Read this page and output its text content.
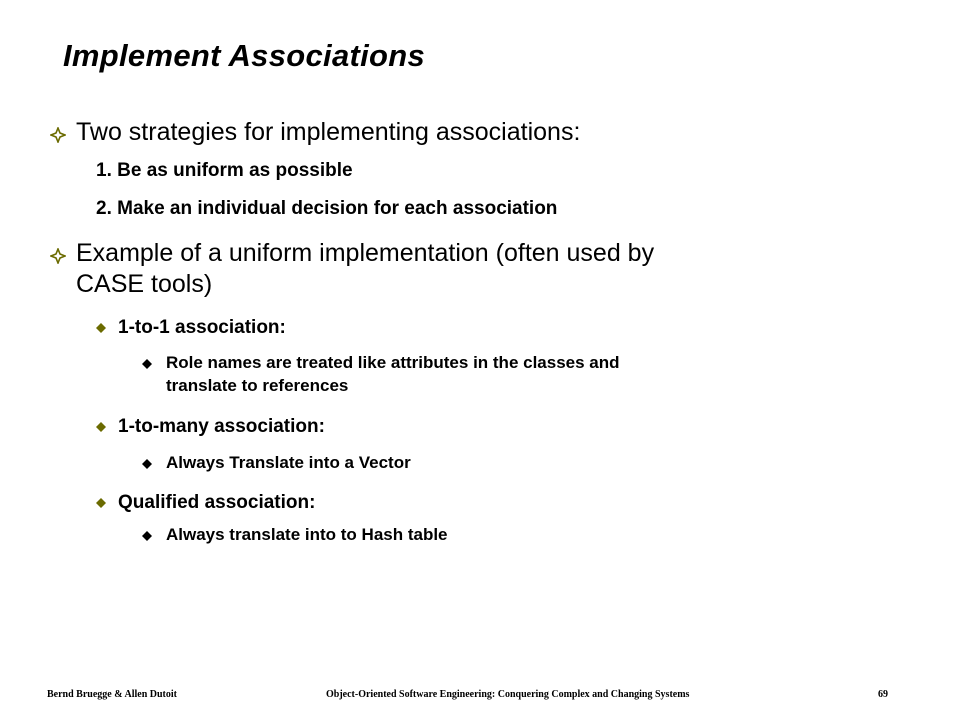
Implement Associations
Two strategies for implementing associations:
1. Be as uniform as possible
2. Make an individual decision for each association
Example of a uniform implementation (often used by
CASE tools)
1-to-1 association:
Role names are treated like attributes in the classes and
translate to references
1-to-many association:
Always Translate into a Vector
Qualified association:
Always translate into to Hash table
Bernd Bruegge & Allen Dutoit	Object-Oriented Software Engineering: Conquering Complex and Changing Systems	69
